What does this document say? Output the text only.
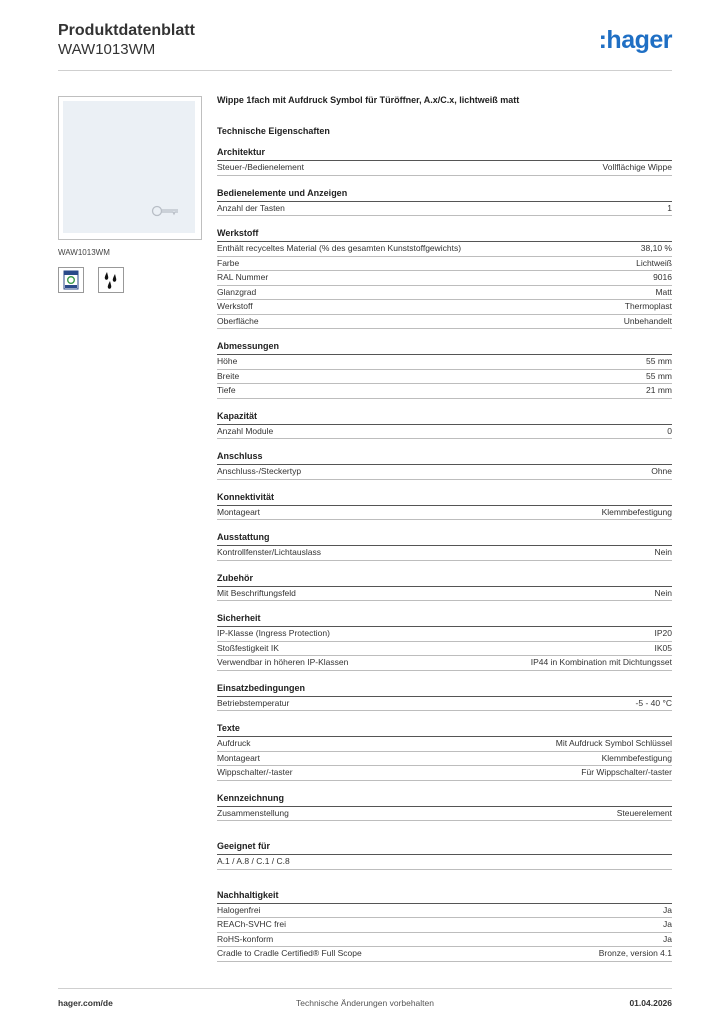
Produktdatenblatt
WAW1013WM	:hager
WAW1013WM
Wippe 1fach mit Aufdruck Symbol für Türöffner, A.x/C.x, lichtweiß matt
Technische Eigenschaften
Architektur
Steuer-/Bedienelement	Vollflächige Wippe
Bedienelemente und Anzeigen
Anzahl der Tasten	1
Werkstoff
Enthält recyceltes Material (% des gesamten Kunststoffgewichts)	38,10 %
Farbe	Lichtweiß
RAL Nummer	9016
Glanzgrad	Matt
Werkstoff	Thermoplast
Oberfläche	Unbehandelt
Abmessungen
Höhe	55 mm
Breite	55 mm
Tiefe	21 mm
Kapazität
Anzahl Module	0
Anschluss
Anschluss-/Steckertyp	Ohne
Konnektivität
Montageart	Klemmbefestigung
Ausstattung
Kontrollfenster/Lichtauslass	Nein
Zubehör
Mit Beschriftungsfeld	Nein
Sicherheit
IP-Klasse (Ingress Protection)	IP20
Stoßfestigkeit IK	IK05
Verwendbar in höheren IP-Klassen	IP44 in Kombination mit Dichtungsset
Einsatzbedingungen
Betriebstemperatur	-5 - 40 °C
Texte
Aufdruck	Mit Aufdruck Symbol Schlüssel
Montageart	Klemmbefestigung
Wippschalter/-taster	Für Wippschalter/-taster
Kennzeichnung
Zusammenstellung	Steuerelement
Geeignet für
A.1 / A.8 / C.1 / C.8
Nachhaltigkeit
Halogenfrei	Ja
REACh-SVHC frei	Ja
RoHS-konform	Ja
Cradle to Cradle Certified® Full Scope	Bronze, version 4.1
hager.com/de	Technische Änderungen vorbehalten	01.04.2026
